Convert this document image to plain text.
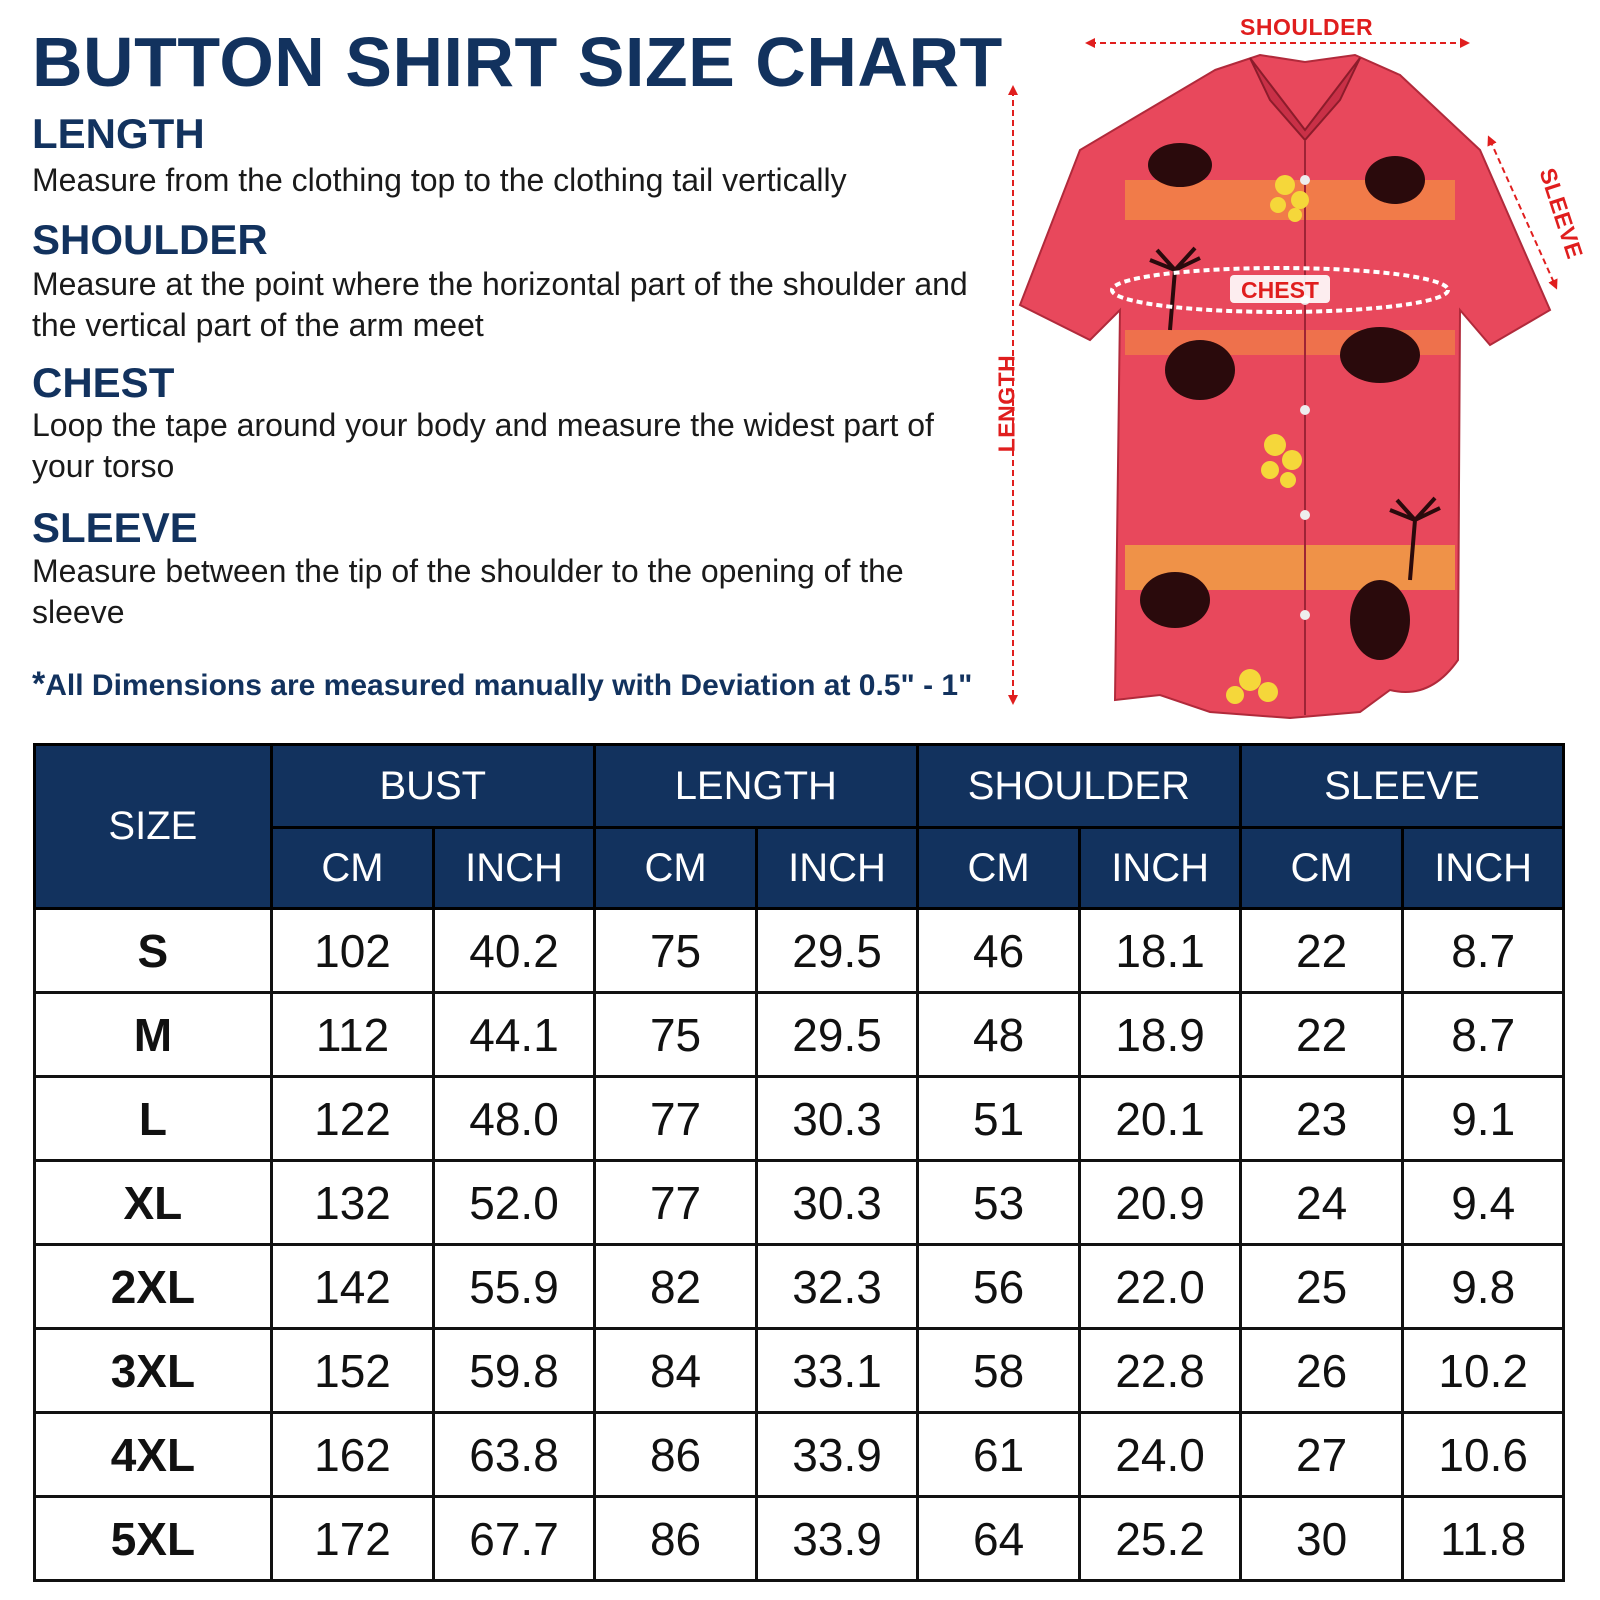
BUTTON SHIRT SIZE CHART
LENGTH
Measure from the clothing top to the clothing tail vertically
SHOULDER
Measure at the point where the horizontal part of the shoulder and the vertical part of the arm meet
CHEST
Loop the tape around your body and measure the widest part of your torso
SLEEVE
Measure between the tip of the shoulder to the opening of the sleeve
*All Dimensions are measured manually with Deviation at 0.5" - 1"
CHEST
SHOULDER
LENGTH
SLEEVE
SIZE	BUST		LENGTH		SHOULDER		SLEEVE	
	CM	INCH	CM	INCH	CM	INCH	CM	INCH
S	102	40.2	75	29.5	46	18.1	22	8.7
M	112	44.1	75	29.5	48	18.9	22	8.7
L	122	48.0	77	30.3	51	20.1	23	9.1
XL	132	52.0	77	30.3	53	20.9	24	9.4
2XL	142	55.9	82	32.3	56	22.0	25	9.8
3XL	152	59.8	84	33.1	58	22.8	26	10.2
4XL	162	63.8	86	33.9	61	24.0	27	10.6
5XL	172	67.7	86	33.9	64	25.2	30	11.8
